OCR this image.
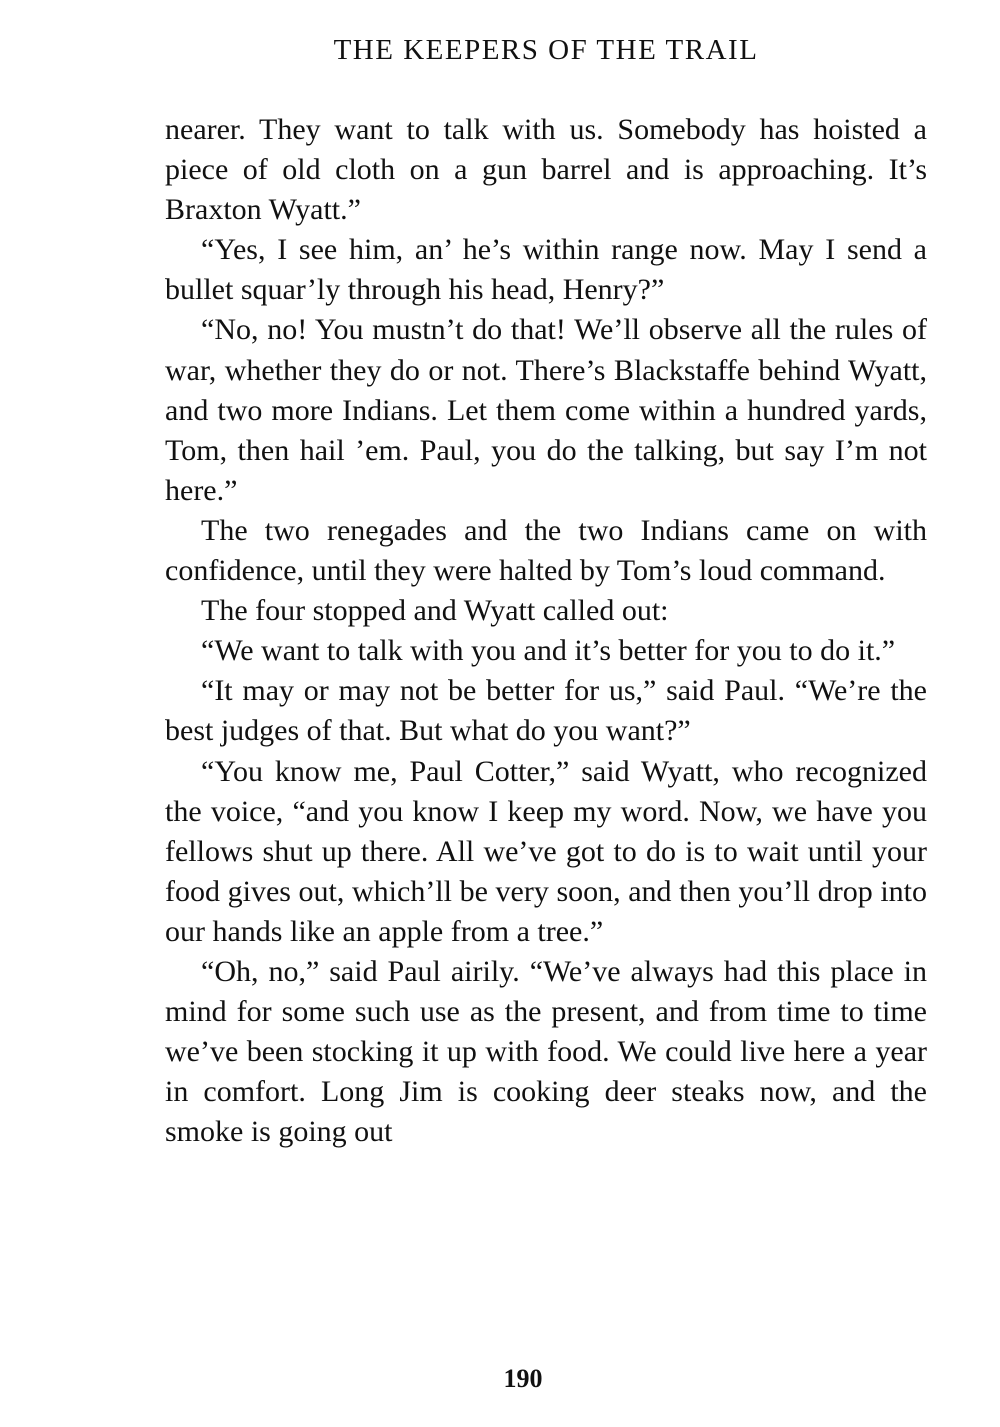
THE KEEPERS OF THE TRAIL

nearer. They want to talk with us. Somebody has hoisted a piece of old cloth on a gun barrel and is approaching. It’s Braxton Wyatt.”

“Yes, I see him, an’ he’s within range now. May I send a bullet squar’ly through his head, Henry?”

“No, no! You mustn’t do that! We’ll observe all the rules of war, whether they do or not. There’s Blackstaffe behind Wyatt, and two more Indians. Let them come within a hundred yards, Tom, then hail ’em. Paul, you do the talking, but say I’m not here.”

The two renegades and the two Indians came on with confidence, until they were halted by Tom’s loud command.

The four stopped and Wyatt called out:

“We want to talk with you and it’s better for you to do it.”

“It may or may not be better for us,” said Paul. “We’re the best judges of that. But what do you want?”

“You know me, Paul Cotter,” said Wyatt, who recognized the voice, “and you know I keep my word. Now, we have you fellows shut up there. All we’ve got to do is to wait until your food gives out, which’ll be very soon, and then you’ll drop into our hands like an apple from a tree.”

“Oh, no,” said Paul airily. “We’ve always had this place in mind for some such use as the present, and from time to time we’ve been stocking it up with food. We could live here a year in comfort. Long Jim is cooking deer steaks now, and the smoke is going out

190
